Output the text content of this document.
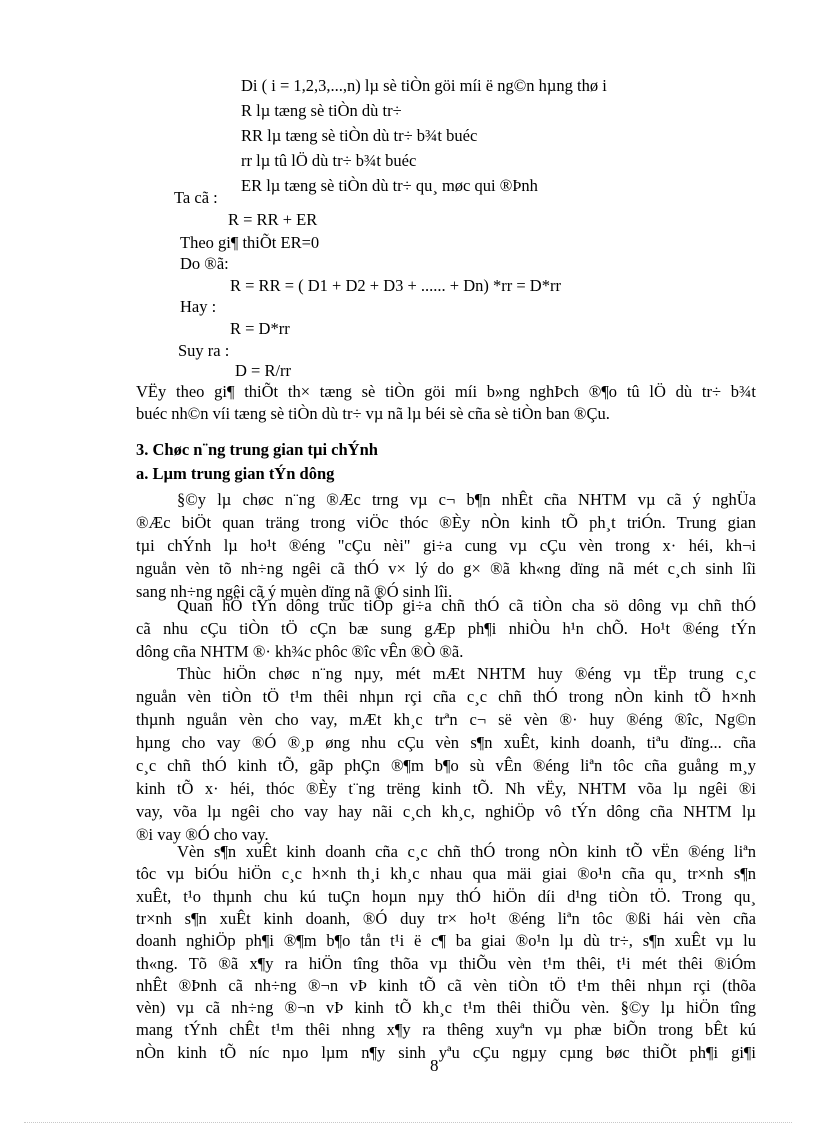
Di ( i = 1,2,3,...,n) lµ sè tiÒn göi míi ë ng©n hµng thø i
R lµ tæng sè tiÒn dù tr÷
RR lµ tæng sè tiÒn dù tr÷ b¾t buéc
rr lµ tû lÖ dù tr÷ b¾t buéc
ER lµ tæng sè tiÒn dù tr÷ qu¸ møc qui ®Þnh
Ta cã :
R = RR + ER
Theo gi¶ thiÕt ER=0
Do ®ã:
R = RR = ( D1 + D2 + D3 + ...... + Dn) *rr = D*rr
Hay :
R = D*rr
Suy ra :
D = R/rr
VËy theo gi¶ thiÕt th× tæng sè tiÒn göi míi b»ng nghÞch ®¶o tû lÖ dù tr÷ b¾t
buéc nh©n víi tæng sè tiÒn dù tr÷ vµ nã lµ béi sè cña sè tiÒn ban ®Çu.
3. Chøc n¨ng trung gian tµi chÝnh
a. Lµm trung gian tÝn dông
§©y lµ chøc n¨ng ®Æc trng vµ c¬ b¶n nhÊt cña NHTM vµ cã ý nghÜa
®Æc biÖt quan träng trong viÖc thóc ®Èy nÒn kinh tÕ ph¸t triÓn. Trung gian
tµi chÝnh lµ ho¹t ®éng "cÇu nèi" gi÷a cung vµ cÇu vèn trong x· héi, kh¬i
nguån vèn tõ nh÷ng ngêi cã thÓ v× lý do g× ®ã kh«ng dïng nã mét c¸ch sinh lîi
sang nh÷ng ngêi cã ý muèn dïng nã ®Ó sinh lîi.
Quan hÖ tÝn dông trùc tiÕp gi÷a chñ thÓ cã tiÒn cha sö dông vµ chñ thÓ
cã nhu cÇu tiÒn tÖ cÇn bæ sung gÆp ph¶i nhiÒu h¹n chÕ. Ho¹t ®éng tÝn
dông cña NHTM ®· kh¾c phôc ®îc vÊn ®Ò ®ã.
Thùc hiÖn chøc n¨ng nµy, mét mÆt NHTM huy ®éng vµ tËp trung c¸c
nguån vèn tiÒn tÖ t¹m thêi nhµn rçi cña c¸c chñ thÓ trong nÒn kinh tÕ h×nh
thµnh nguån vèn cho vay, mÆt kh¸c trªn c¬ së vèn ®· huy ®éng ®îc, Ng©n
hµng cho vay ®Ó ®¸p øng nhu cÇu vèn s¶n xuÊt, kinh doanh, tiªu dïng... cña
c¸c chñ thÓ kinh tÕ, gãp phÇn ®¶m b¶o sù vÊn ®éng liªn tôc cña guång m¸y
kinh tÕ x· héi, thóc ®Èy t¨ng trëng kinh tÕ. Nh vËy, NHTM võa lµ ngêi ®i
vay, võa lµ ngêi cho vay hay nãi c¸ch kh¸c, nghiÖp vô tÝn dông cña NHTM lµ
®i vay ®Ó cho vay.
Vèn s¶n xuÊt kinh doanh cña c¸c chñ thÓ trong nÒn kinh tÕ vËn ®éng liªn
tôc vµ biÓu hiÖn c¸c h×nh th¸i kh¸c nhau qua mäi giai ®o¹n cña qu¸ tr×nh s¶n
xuÊt, t¹o thµnh chu kú tuÇn hoµn nµy thÓ hiÖn díi d¹ng tiÒn tÖ. Trong qu¸
tr×nh s¶n xuÊt kinh doanh, ®Ó duy tr× ho¹t ®éng liªn tôc ®ßi hái vèn cña
doanh nghiÖp ph¶i ®¶m b¶o tån t¹i ë c¶ ba giai ®o¹n lµ dù tr÷, s¶n xuÊt vµ lu
th«ng. Tõ ®ã x¶y ra hiÖn tîng thõa vµ thiÕu vèn t¹m thêi, t¹i mét thêi ®iÓm
nhÊt ®Þnh cã nh÷ng ®¬n vÞ kinh tÕ cã vèn tiÒn tÖ t¹m thêi nhµn rçi (thõa
vèn) vµ cã nh÷ng ®¬n vÞ kinh tÕ kh¸c t¹m thêi thiÕu vèn. §©y lµ hiÖn tîng
mang tÝnh chÊt t¹m thêi nhng x¶y ra thêng xuyªn vµ phæ biÕn trong bÊt kú
nÒn kinh tÕ níc nµo lµm n¶y sinh yªu cÇu ngµy cµng bøc thiÕt ph¶i gi¶i
8
